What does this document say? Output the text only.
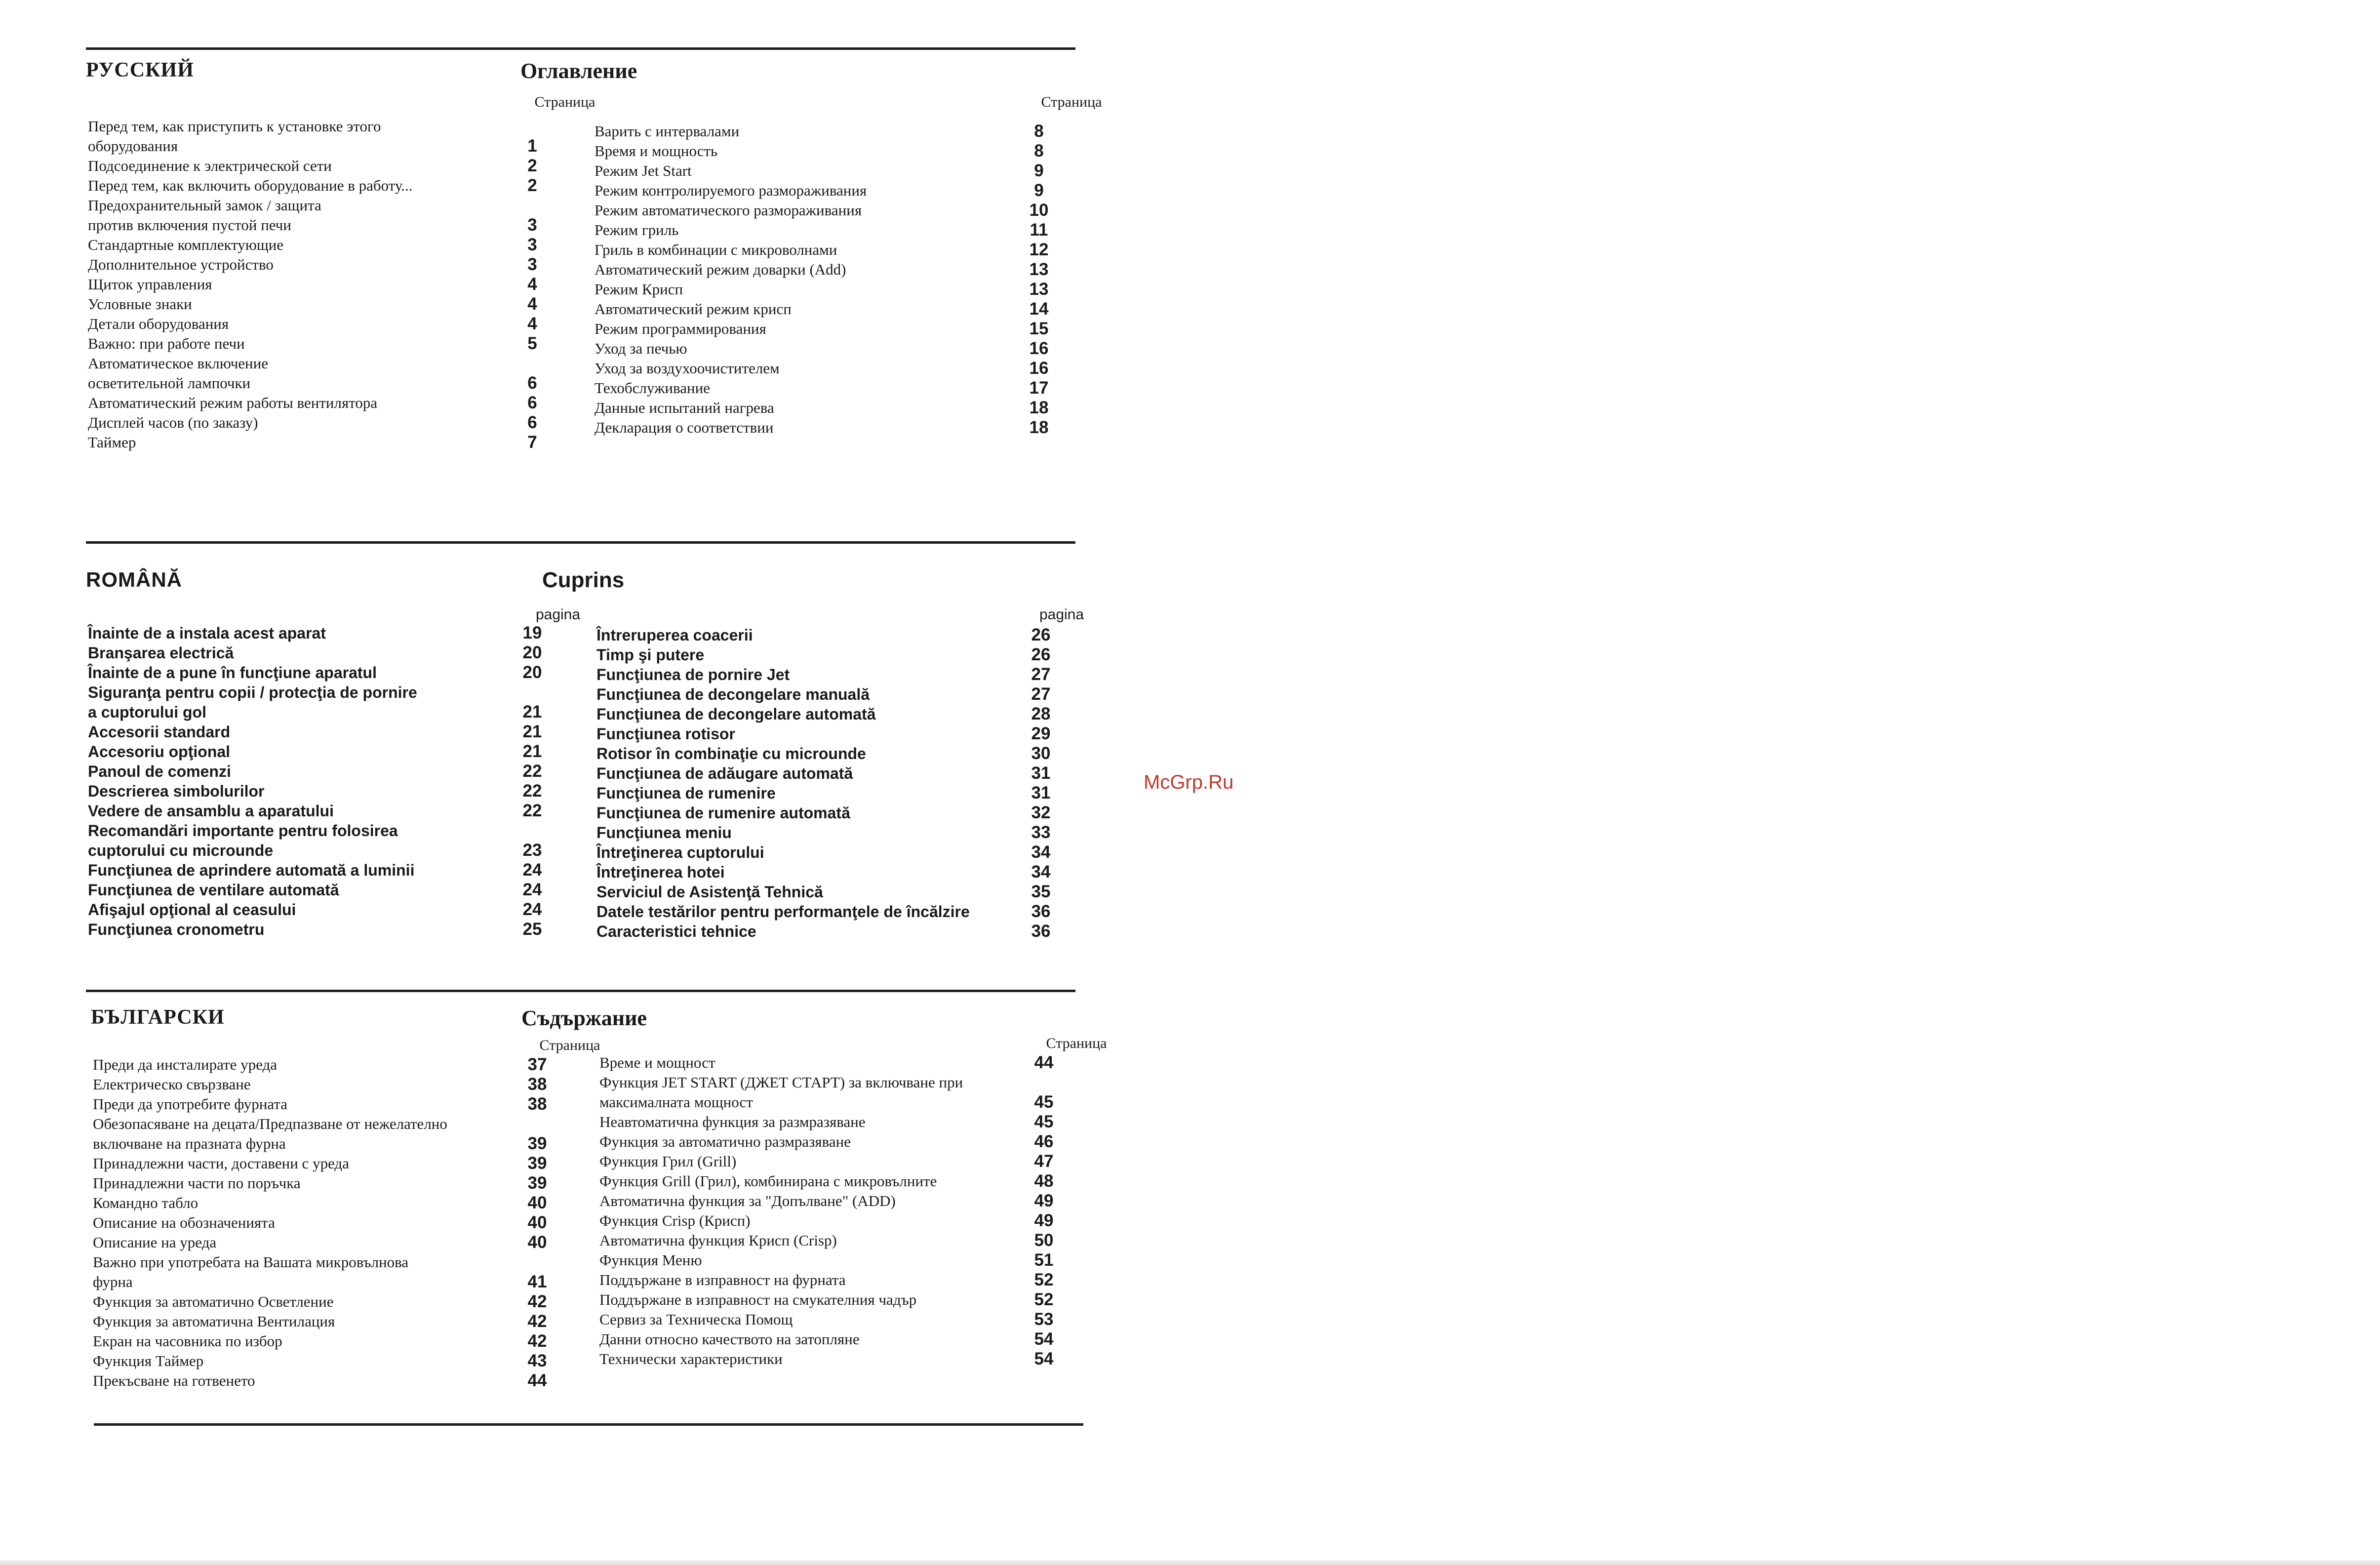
РУССКИЙ	Оглавление
Страница	Страница
Перед тем, как приступить к установке этого
оборудования	1
Подсоединение к электрической сети	2
Перед тем, как включить оборудование в работу...	2
Предохранительный замок / защита
против включения пустой печи	3
Стандартные комплектующие	3
Дополнительное устройство	3
Щиток управления	4
Условные знаки	4
Детали оборудования	4
Важно: при работе печи	5
Автоматическое включение
осветительной лампочки	6
Автоматический режим работы вентилятора	6
Дисплей часов (по заказу)	6
Таймер	7
Варить с интервалами	8
Время и мощность	8
Режим Jet Start	9
Режим контролируемого размораживания	9
Режим автоматического размораживания	10
Режим гриль	11
Гриль в комбинации с микроволнами	12
Автоматический режим доварки (Add)	13
Режим Крисп	13
Автоматический режим крисп	14
Режим программирования	15
Уход за печью	16
Уход за воздухоочистителем	16
Техобслуживание	17
Данные испытаний нагрева	18
Декларация о соответствии	18
ROMÂNĂ	Cuprins
pagina	pagina
Înainte de a instala acest aparat	19
Branşarea electrică	20
Înainte de a pune în funcţiune aparatul	20
Siguranţa pentru copii / protecţia de pornire
a cuptorului gol	21
Accesorii standard	21
Accesoriu opţional	21
Panoul de comenzi	22
Descrierea simbolurilor	22
Vedere de ansamblu a aparatului	22
Recomandări importante pentru folosirea
cuptorului cu microunde	23
Funcţiunea de aprindere automată a luminii	24
Funcţiunea de ventilare automată	24
Afişajul opţional al ceasului	24
Funcţiunea cronometru	25
Întreruperea coacerii	26
Timp şi putere	26
Funcţiunea de pornire Jet	27
Funcţiunea de decongelare manuală	27
Funcţiunea de decongelare automată	28
Funcţiunea rotisor	29
Rotisor în combinaţie cu microunde	30
Funcţiunea de adăugare automată	31
Funcţiunea de rumenire	31
Funcţiunea de rumenire automată	32
Funcţiunea meniu	33
Întreţinerea cuptorului	34
Întreţinerea hotei	34
Serviciul de Asistenţă Tehnică	35
Datele testărilor pentru performanţele de încălzire	36
Caracteristici tehnice	36
БЪЛГАРСКИ	Съдържание
Страница	Страница
Преди да инсталирате уреда	37
Електрическо свързване	38
Преди да употребите фурната	38
Обезопасяване на децата/Предпазване от нежелателно
включване на празната фурна	39
Принадлежни части, доставени с уреда	39
Принадлежни части по поръчка	39
Командно табло	40
Описание на обозначенията	40
Описание на уреда	40
Важно при употребата на Вашата микровълнова
фурна	41
Функция за автоматично Осветление	42
Функция за автоматична Вентилация	42
Екран на часовника по избор	42
Функция Таймер	43
Прекъсване на готвенето	44
Време и мощност	44
Функция JET START (ДЖЕТ СТАРТ) за включване при
максималната мощност	45
Неавтоматична функция за размразяване	45
Функция за автоматично размразяване	46
Функция Грил (Grill)	47
Функция Grill (Грил), комбинирана с микровълните	48
Автоматична функция за "Допълване" (ADD)	49
Функция Crisp (Крисп)	49
Автоматична функция Крисп (Crisp)	50
Функция Меню	51
Поддържане в изправност на фурната	52
Поддържане в изправност на смукателния чадър	52
Сервиз за Техническа Помощ	53
Данни относно качеството на затопляне	54
Технически характеристики	54
McGrp.Ru
